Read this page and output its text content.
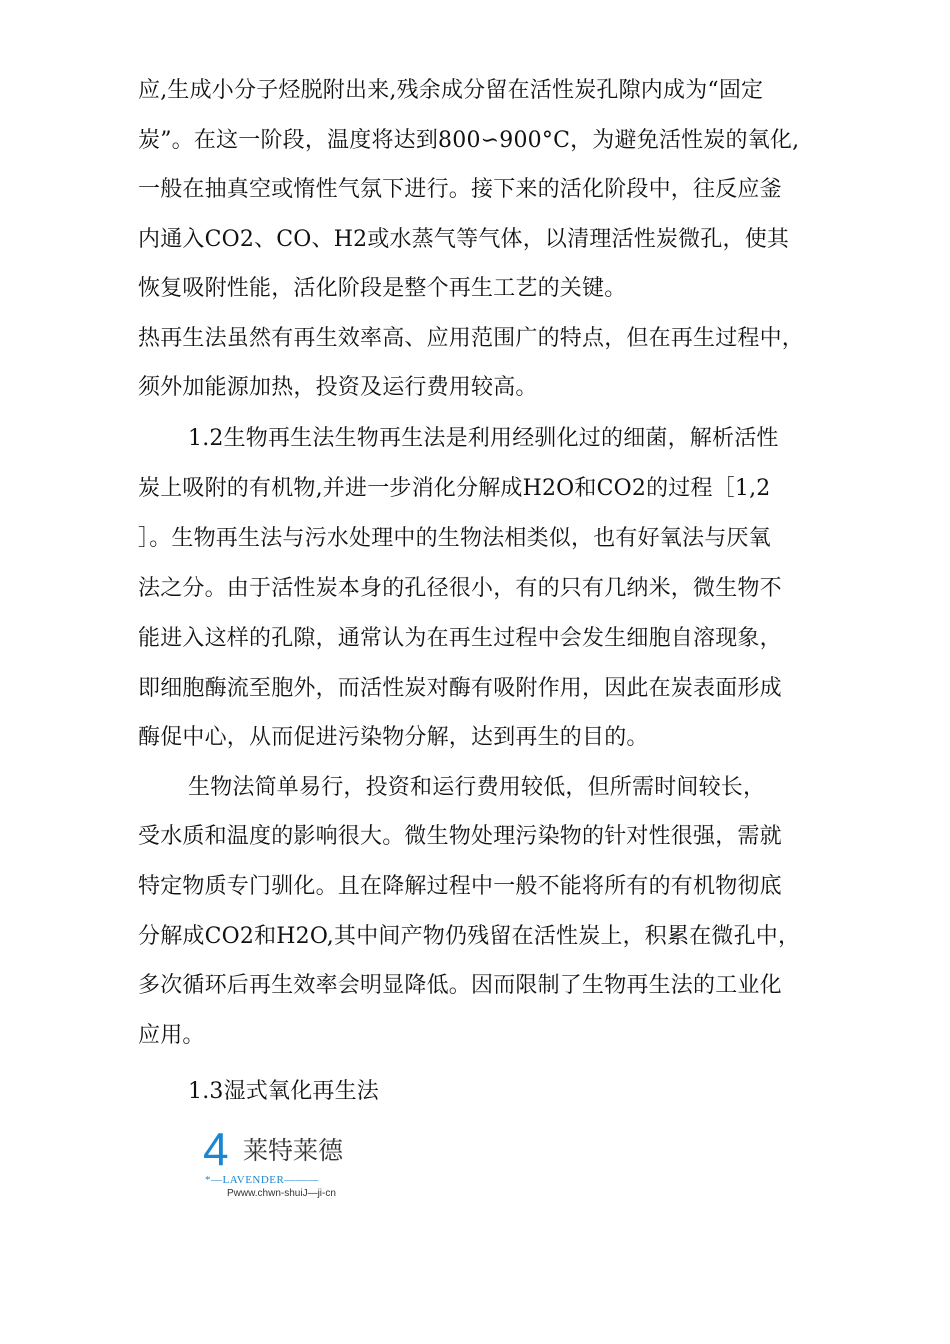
应,生成小分子烃脱附出来,残余成分留在活性炭孔隙内成为“固定
炭”。在这一阶段，温度将达到800∽900°C，为避免活性炭的氧化,
一般在抽真空或惰性气氛下进行。接下来的活化阶段中，往反应釜
内通入CO2、CO、H2或水蒸气等气体，以清理活性炭微孔，使其
恢复吸附性能，活化阶段是整个再生工艺的关键。
热再生法虽然有再生效率高、应用范围广的特点，但在再生过程中，
须外加能源加热，投资及运行费用较高。
1.2生物再生法生物再生法是利用经驯化过的细菌，解析活性
炭上吸附的有机物,并进一步消化分解成H2O和CO2的过程［1,2
］。生物再生法与污水处理中的生物法相类似，也有好氧法与厌氧
法之分。由于活性炭本身的孔径很小，有的只有几纳米，微生物不
能进入这样的孔隙，通常认为在再生过程中会发生细胞自溶现象，
即细胞酶流至胞外，而活性炭对酶有吸附作用，因此在炭表面形成
酶促中心，从而促进污染物分解，达到再生的目的。
生物法简单易行，投资和运行费用较低，但所需时间较长，
受水质和温度的影响很大。微生物处理污染物的针对性很强，需就
特定物质专门驯化。且在降解过程中一般不能将所有的有机物彻底
分解成CO2和H2O,其中间产物仍残留在活性炭上，积累在微孔中，
多次循环后再生效率会明显降低。因而限制了生物再生法的工业化
应用。
1.3湿式氧化再生法
4 莱特莱德
*—LAVENDER———
Pwww.chwn-shuiJ—ji-cn
